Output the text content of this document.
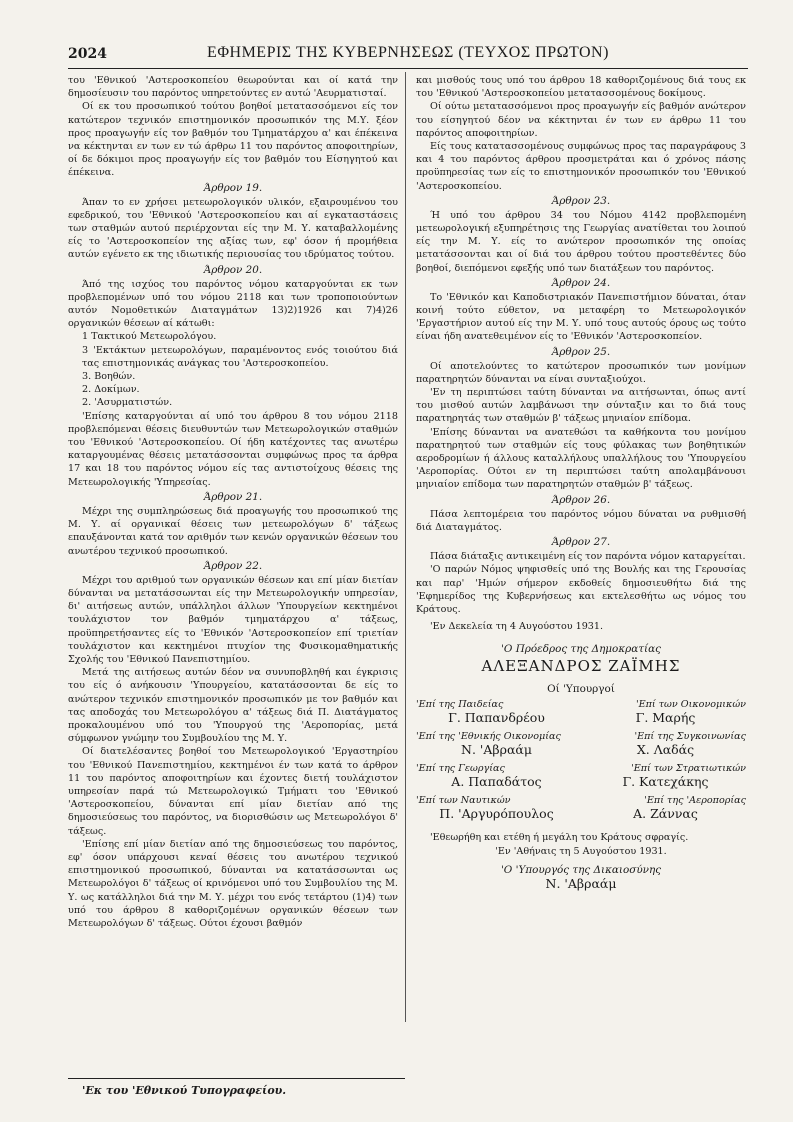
2024	ΕΦΗΜΕΡΙΣ ΤΗΣ ΚΥΒΕΡΝΗΣΕΩΣ (ΤΕΥΧΟΣ ΠΡΩΤΟΝ)

του 'Εθνικού 'Αστεροσκοπείου θεωρούνται και οί κατά την δημοσίευσιν του παρόντος υπηρετούντες εν αυτώ 'Αευρματισταί.

Οί εκ του προσωπικού τούτου βοηθοί μετατασσόμενοι είς τον κατώτερον τεχνικόν επιστημονικόν προσωπικόν της Μ.Υ. ξέον προς προαγωγήν είς τον βαθμόν του Τμηματάρχου α' και έπέκεινα να κέκτηνται εν των εν τώ άρθρω 11 του παρόντος αποφοιτηρίων, οί δε δόκιμοι προς προαγωγήν είς τον βαθμόν του Είσηγητού και έπέκεινα.

Άρθρον 19.

Άπαν το εν χρήσει μετεωρολογικόν υλικόν, εξαιρουμένου του εφεδρικού, του 'Εθνικού 'Αστεροσκοπείου και αί εγκαταστάσεις των σταθμών αυτού περιέρχονται είς την Μ. Υ. καταβαλλομένης είς το 'Αστεροσκοπείον της αξίας των, εφ' όσον ή προμήθεια αυτών εγένετο εκ της ιδιωτικής περιουσίας του ιδρύματος τούτου.

Άρθρον 20.

Άπό της ισχύος του παρόντος νόμου καταργούνται εκ των προβλεπομένων υπό του νόμου 2118 και των τροποποιούντων αυτόν Νομοθετικών Διαταγμάτων 13)2)1926 και 7)4)26 οργανικών θέσεων αί κάτωθι:

1 Τακτικού Μετεωρολόγου.

3 'Εκτάκτων μετεωρολόγων, παραμένοντος ενός τοιούτου διά τας επιστημονικάς ανάγκας του 'Αστεροσκοπείου.

3. Βοηθών.

2. Δοκίμων.

2. 'Ασυρματιστών.

'Επίσης καταργούνται αί υπό του άρθρου 8 του νόμου 2118 προβλεπόμεναι θέσεις διευθυντών των Μετεωρολογικών σταθμών του 'Εθνικού 'Αστεροσκοπείου. Οί ήδη κατέχοντες τας ανωτέρω καταργουμένας θέσεις μετατάσσονται συμφώνως προς τα άρθρα 17 και 18 του παρόντος νόμου είς τας αντιστοίχους θέσεις της Μετεωρολογικής 'Υπηρεσίας.

Άρθρον 21.

Μέχρι της συμπληρώσεως διά προαγωγής του προσωπικού της Μ. Υ. αί οργανικαί θέσεις των μετεωρολόγων δ' τάξεως επαυξάνονται κατά τον αριθμόν των κενών οργανικών θέσεων του ανωτέρου τεχνικού προσωπικού.

Άρθρον 22.

Μέχρι του αριθμού των οργανικών θέσεων και επί μίαν διετίαν δύνανται να μετατάσσωνται είς την Μετεωρολογικήν υπηρεσίαν, δι' αιτήσεως αυτών, υπάλληλοι άλλων 'Υπουργείων κεκτημένοι τουλάχιστον τον βαθμόν τμηματάρχου α' τάξεως, προϋπηρετήσαντες είς το 'Εθνικόν 'Αστεροσκοπείον επί τριετίαν τουλάχιστον και κεκτημένοι πτυχίον της Φυσικομαθηματικής Σχολής του 'Εθνικού Πανεπιστημίου.

Μετά της αιτήσεως αυτών δέον να συνυποβληθή και έγκρισις του είς ό ανήκουσιν 'Υπουργείου, κατατάσσονται δε είς το ανώτερον τεχνικόν επιστημονικόν προσωπικόν με τον βαθμόν και τας αποδοχάς του Μετεωρολόγου α' τάξεως διά Π. Διατάγματος προκαλουμένου υπό του 'Υπουργού της 'Αεροπορίας, μετά σύμφωνον γνώμην του Συμβουλίου της Μ. Υ.

Οί διατελέσαντες βοηθοί του Μετεωρολογικού 'Εργαστηρίου του 'Εθνικού Πανεπιστημίου, κεκτημένοι έν των κατά το άρθρον 11 του παρόντος αποφοιτηρίων και έχοντες διετή τουλάχιστον υπηρεσίαν παρά τώ Μετεωρολογικώ Τμήματι του 'Εθνικού 'Αστεροσκοπείου, δύνανται επί μίαν διετίαν από της δημοσιεύσεως του παρόντος, να διορισθώσιν ως Μετεωρολόγοι δ' τάξεως.

'Επίσης επί μίαν διετίαν από της δημοσιεύσεως του παρόντος, εφ' όσον υπάρχουσι κεναί θέσεις του ανωτέρου τεχνικού επιστημονικού προσωπικού, δύνανται να κατατάσσωνται ως Μετεωρολόγοι δ' τάξεως οί κρινόμενοι υπό του Συμβουλίου της Μ. Υ. ως κατάλληλοι διά την Μ. Υ. μέχρι του ενός τετάρτου (1)4) των υπό του άρθρου 8 καθοριζομένων οργανικών θέσεων των Μετεωρολόγων δ' τάξεως. Ούτοι έχουσι βαθμόν

και μισθούς τους υπό του άρθρου 18 καθοριζομένους διά τους εκ του 'Εθνικού 'Αστεροσκοπείου μετατασσομένους δοκίμους.

Οί ούτω μετατασσόμενοι προς προαγωγήν είς βαθμόν ανώτερον του είσηγητού δέον να κέκτηνται έν των εν άρθρω 11 του παρόντος αποφοιτηρίων.

Είς τους κατατασσομένους συμφώνως προς τας παραγράφους 3 και 4 του παρόντος άρθρου προσμετράται και ό χρόνος πάσης προϋπηρεσίας των είς το επιστημονικόν προσωπικόν του 'Εθνικού 'Αστεροσκοπείου.

Άρθρον 23.

Ή υπό του άρθρου 34 του Νόμου 4142 προβλεπομένη μετεωρολογική εξυπηρέτησις της Γεωργίας ανατίθεται του λοιπού είς την Μ. Υ. είς το ανώτερον προσωπικόν της οποίας μετατάσσονται και οί διά του άρθρου τούτου προστεθέντες δύο βοηθοί, διεπόμενοι εφεξής υπό των διατάξεων του παρόντος.

Άρθρον 24.

Το 'Εθνικόν και Καποδιστριακόν Πανεπιστήμιον δύναται, όταν κοινή τούτο εύθετον, να μεταφέρη το Μετεωρολογικόν 'Εργαστήριον αυτού είς την Μ. Υ. υπό τους αυτούς όρους ως τούτο είναι ήδη ανατεθειμένον είς το 'Εθνικόν 'Αστεροσκοπείον.

Άρθρον 25.

Οί αποτελούντες το κατώτερον προσωπικόν των μονίμων παρατηρητών δύνανται να είναι συνταξιούχοι.

'Εν τη περιπτώσει ταύτη δύνανται να αιτήσωνται, όπως αντί του μισθού αυτών λαμβάνωσι την σύνταξιν και το διά τους παρατηρητάς των σταθμών β' τάξεως μηνιαίον επίδομα.

'Επίσης δύνανται να ανατεθώσι τα καθήκοντα του μονίμου παρατηρητού των σταθμών είς τους φύλακας των βοηθητικών αεροδρομίων ή άλλους καταλλήλους υπαλλήλους του 'Υπουργείου 'Αεροπορίας. Ούτοι εν τη περιπτώσει ταύτη απολαμβάνουσι μηνιαίον επίδομα των παρατηρητών σταθμών β' τάξεως.

Άρθρον 26.

Πάσα λεπτομέρεια του παρόντος νόμου δύναται να ρυθμισθή διά Διαταγμάτος.

Άρθρον 27.

Πάσα διάταξις αντικειμένη είς τον παρόντα νόμον καταργείται.

'Ο παρών Νόμος ψηφισθείς υπό της Βουλής και της Γερουσίας και παρ' 'Ημών σήμερον εκδοθείς δημοσιευθήτω διά της 'Εφημερίδος της Κυβερνήσεως και εκτελεσθήτω ως νόμος του Κράτους.

'Εν Δεκελεία τη 4 Αυγούστου 1931.

'Ο Πρόεδρος της Δημοκρατίας
ΑΛΕΞΑΝΔΡΟΣ ΖΑΪΜΗΣ
Οί 'Υπουργοί
'Επί της Παιδείας
Γ. Παπανδρέου
'Επί των Οικονομικών
Γ. Μαρής
'Επί της 'Εθνικής Οικονομίας
Ν. 'Αβραάμ
'Επί της Συγκοινωνίας
Χ. Λαδάς
'Επί της Γεωργίας
Α. Παπαδάτος
'Επί των Στρατιωτικών
Γ. Κατεχάκης
'Επί των Ναυτικών
Π. 'Αργυρόπουλος
'Επί της 'Αεροπορίας
Α. Ζάννας

'Εθεωρήθη και ετέθη ή μεγάλη του Κράτους σφραγίς.

'Εν 'Αθήναις τη 5 Αυγούστου 1931.

'Ο 'Υπουργός της Δικαιοσύνης
Ν. 'Αβραάμ
'Εκ του 'Εθνικού Τυπογραφείου.
